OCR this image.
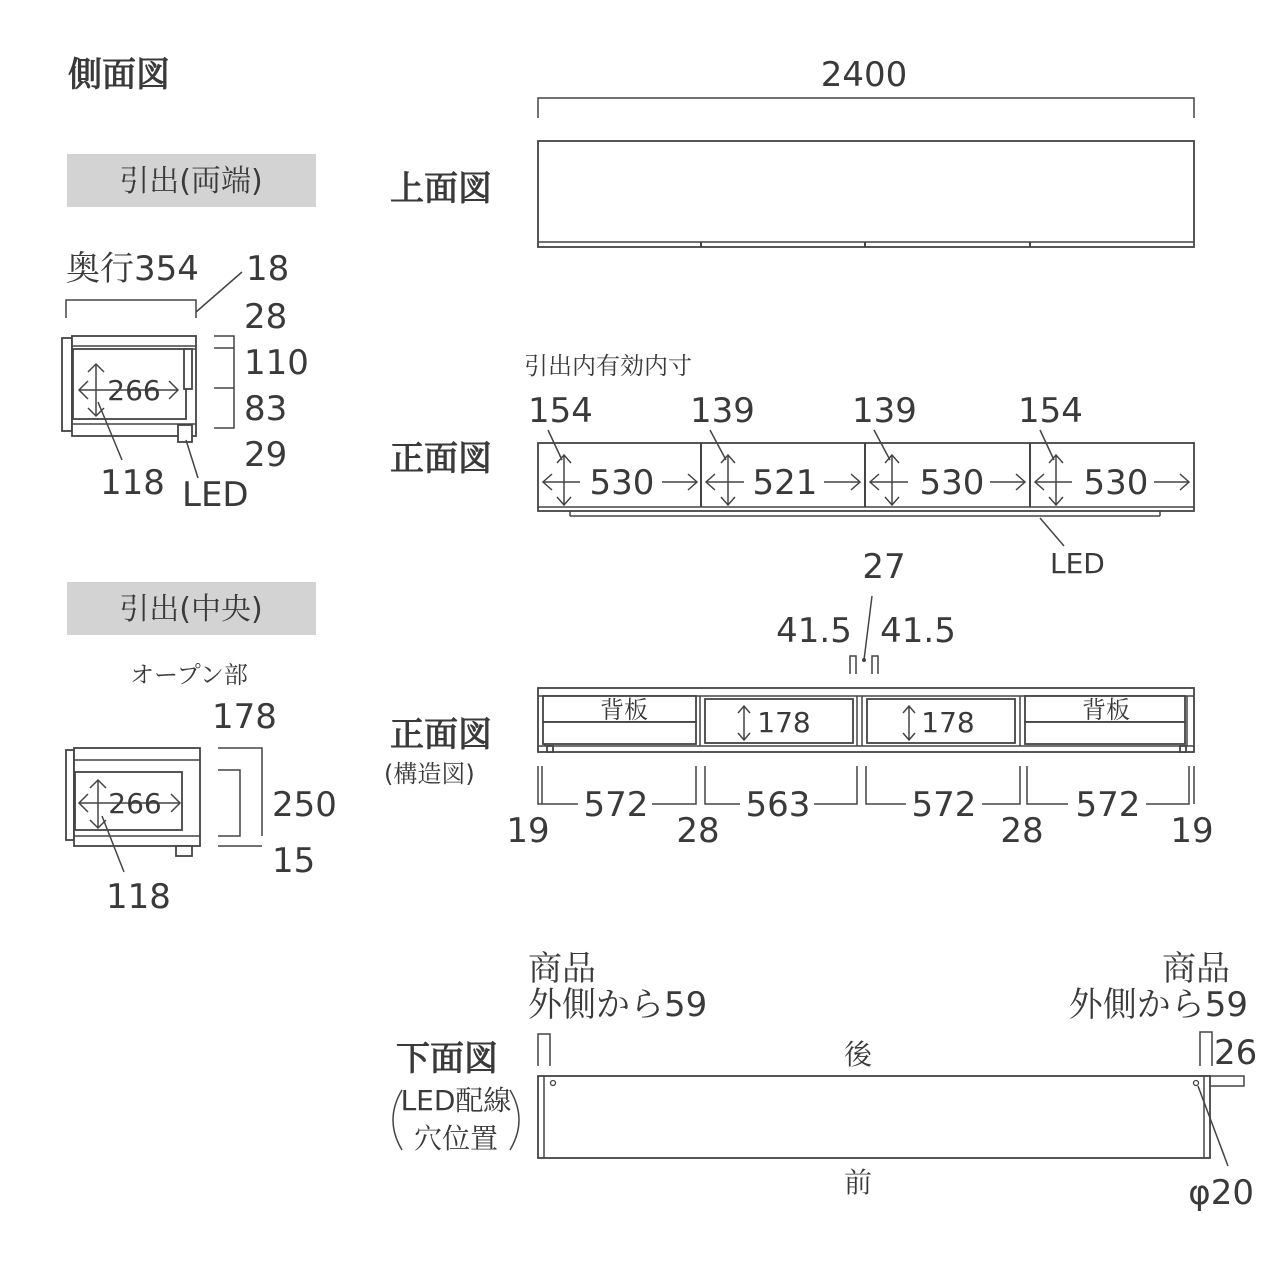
側面図
引出(両端)
奥行354 18
266
28
110
83
29
118 LED
引出(中央)
オープン部
178
266	250
15
118
上面図
2400
正面図
引出内有効内寸
154	139	139	154
530	521	530	530
LED
正面図
(構造図)
27
41.5 41.5
背板	178	178	背板
572	563	572	572
19	28	28	19
下面図
LED配線
穴位置
商品
外側から59
商品
外側から59
26
後
前	φ20
